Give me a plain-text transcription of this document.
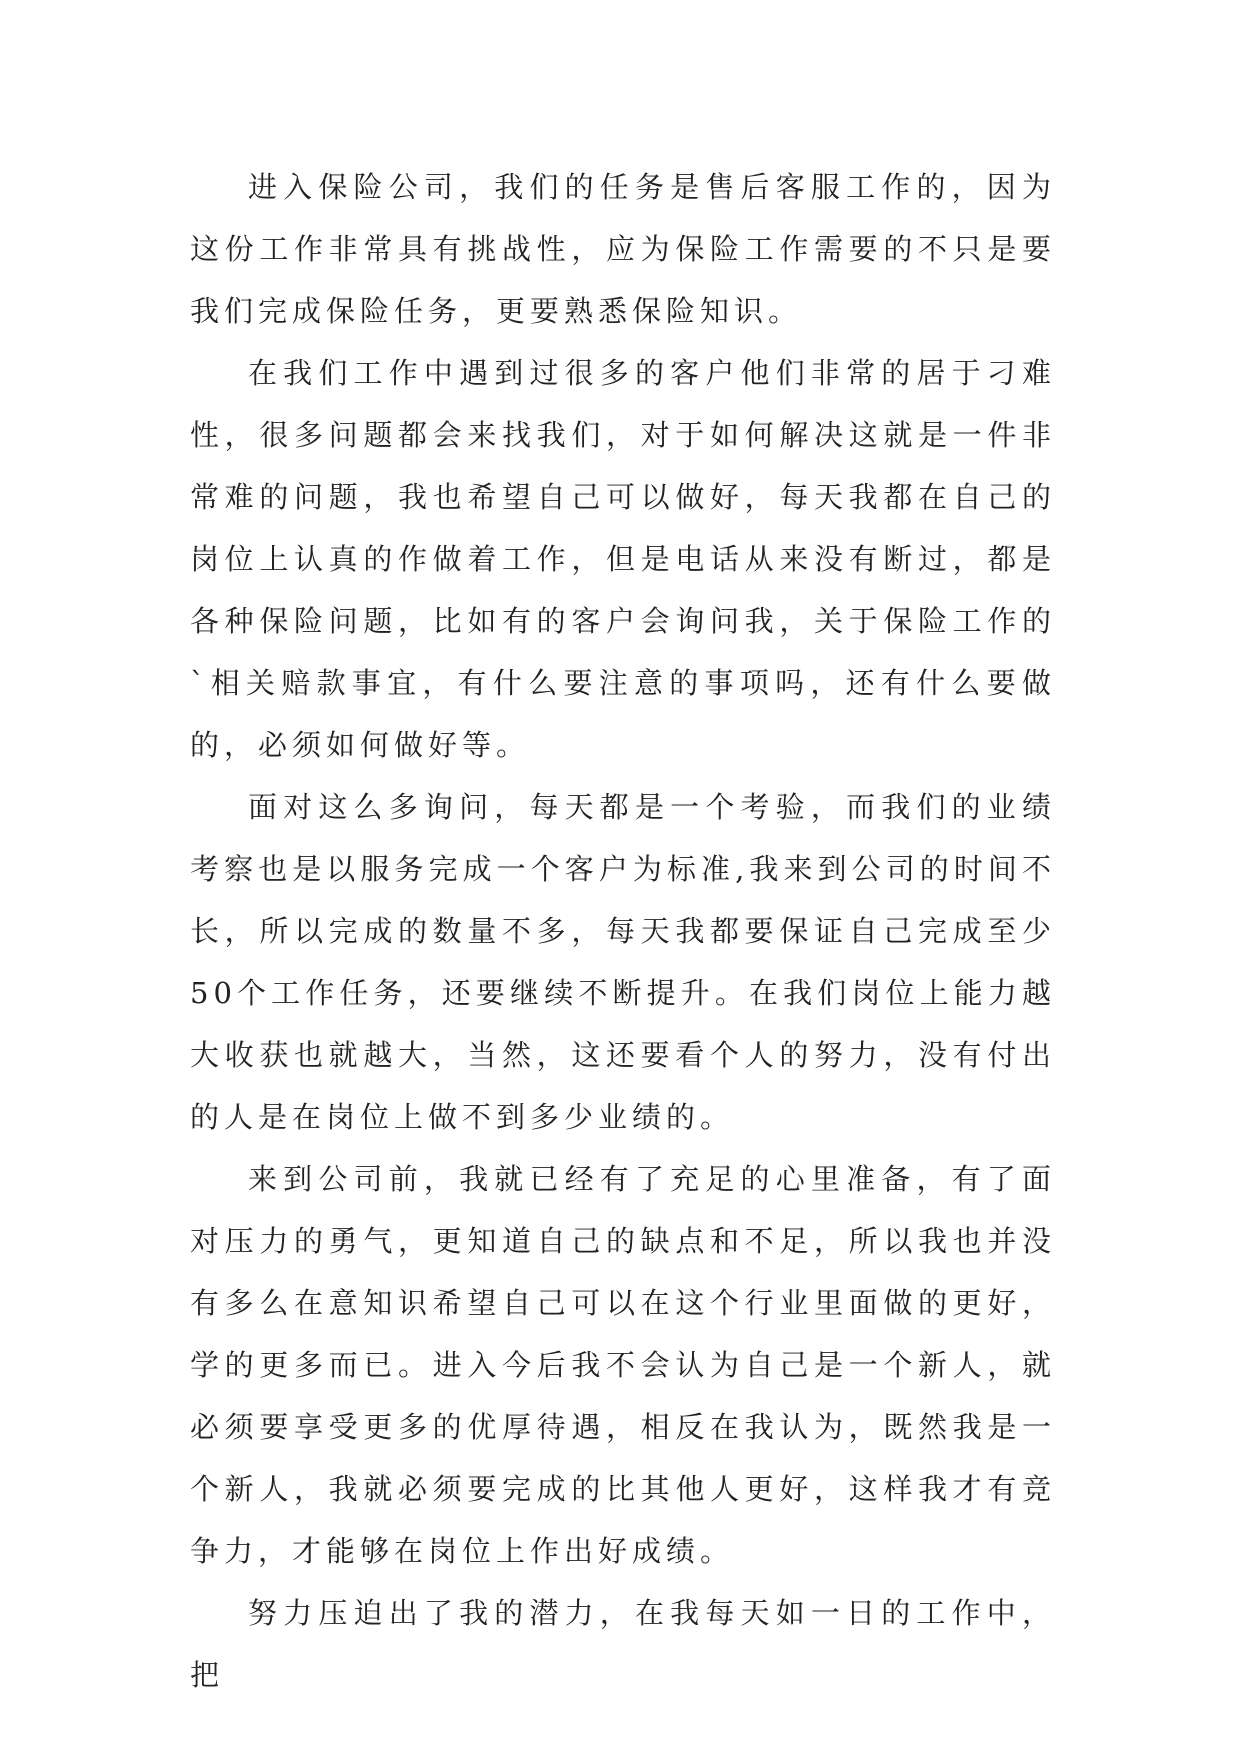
进入保险公司，我们的任务是售后客服工作的，因为这份工作非常具有挑战性，应为保险工作需要的不只是要我们完成保险任务，更要熟悉保险知识。

在我们工作中遇到过很多的客户他们非常的居于刁难性，很多问题都会来找我们，对于如何解决这就是一件非常难的问题，我也希望自己可以做好，每天我都在自己的岗位上认真的作做着工作，但是电话从来没有断过，都是各种保险问题，比如有的客户会询问我，关于保险工作的`相关赔款事宜，有什么要注意的事项吗，还有什么要做的，必须如何做好等。

面对这么多询问，每天都是一个考验，而我们的业绩考察也是以服务完成一个客户为标准,我来到公司的时间不长，所以完成的数量不多，每天我都要保证自己完成至少50个工作任务，还要继续不断提升。在我们岗位上能力越大收获也就越大，当然，这还要看个人的努力，没有付出的人是在岗位上做不到多少业绩的。

来到公司前，我就已经有了充足的心里准备，有了面对压力的勇气，更知道自己的缺点和不足，所以我也并没有多么在意知识希望自己可以在这个行业里面做的更好，学的更多而已。进入今后我不会认为自己是一个新人，就必须要享受更多的优厚待遇，相反在我认为，既然我是一个新人，我就必须要完成的比其他人更好，这样我才有竞争力，才能够在岗位上作出好成绩。

努力压迫出了我的潜力，在我每天如一日的工作中，把
